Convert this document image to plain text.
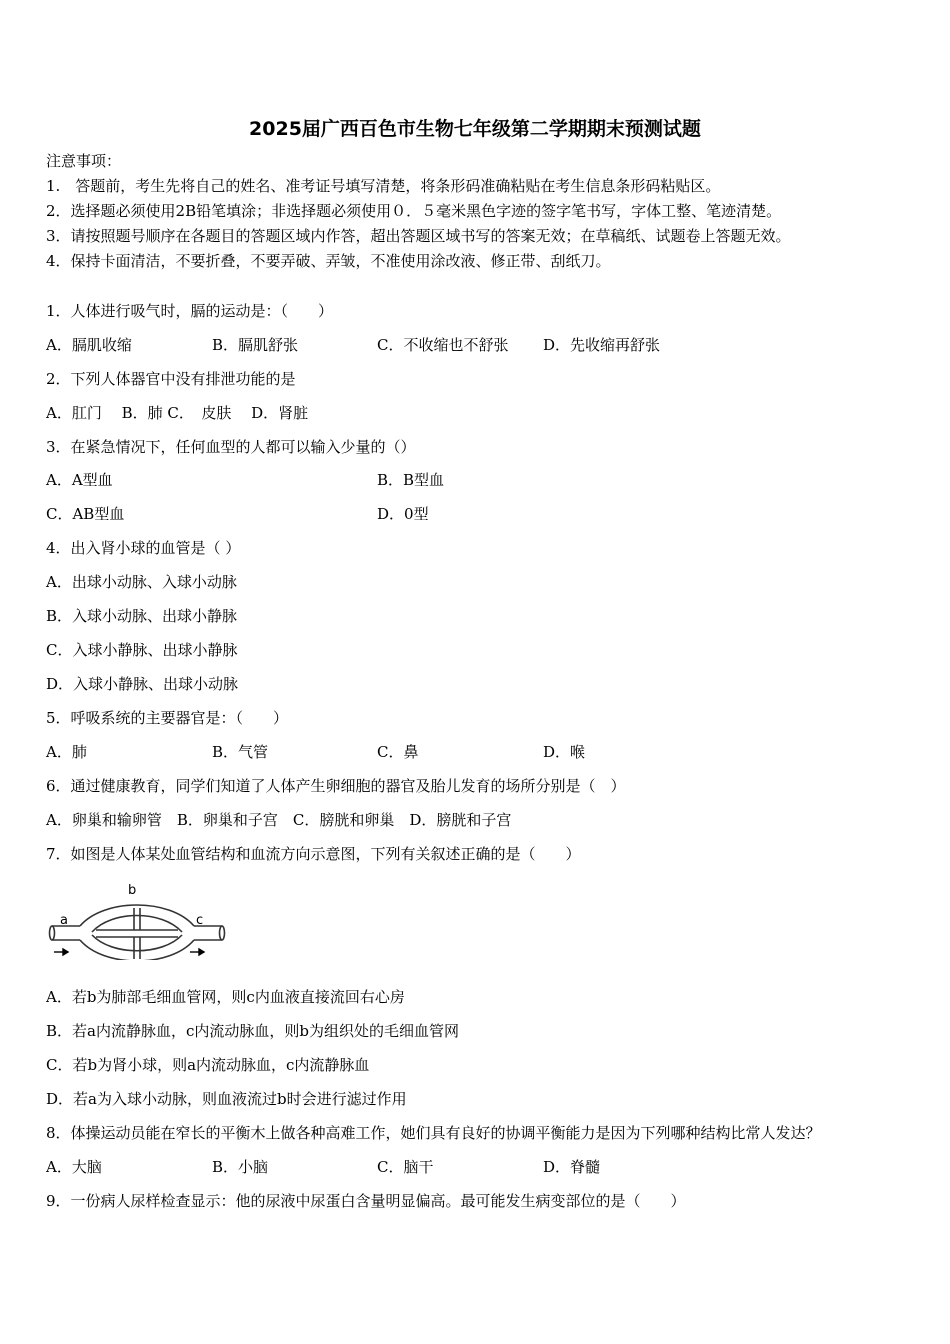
2025届广西百色市生物七年级第二学期期末预测试题
注意事项：
1.　答题前，考生先将自己的姓名、准考证号填写清楚，将条形码准确粘贴在考生信息条形码粘贴区。
2．选择题必须使用2B铅笔填涂；非选择题必须使用０．５毫米黑色字迹的签字笔书写，字体工整、笔迹清楚。
3．请按照题号顺序在各题目的答题区域内作答，超出答题区域书写的答案无效；在草稿纸、试题卷上答题无效。
4．保持卡面清洁，不要折叠，不要弄破、弄皱，不准使用涂改液、修正带、刮纸刀。
1．人体进行吸气时，膈的运动是：（　　）
A．膈肌收缩	B．膈肌舒张	C．不收缩也不舒张 D．先收缩再舒张
2．下列人体器官中没有排泄功能的是
A．肛门　 B．肺 C．　皮肤　 D．肾脏
3．在紧急情况下，任何血型的人都可以输入少量的（）
A．A型血	B．B型血
C．AB型血	D．0型
4．出入肾小球的血管是（ ）
A．出球小动脉、入球小动脉
B．入球小动脉、出球小静脉
C．入球小静脉、出球小静脉
D．入球小静脉、出球小动脉
5．呼吸系统的主要器官是：（　　）
A．肺	B．气管	C．鼻	D．喉
6．通过健康教育，同学们知道了人体产生卵细胞的器官及胎儿发育的场所分别是（　）
A．卵巢和输卵管　B．卵巢和子宫　C．膀胱和卵巢　D．膀胱和子宫
7．如图是人体某处血管结构和血流方向示意图，下列有关叙述正确的是（　　）
a
b
c
A．若b为肺部毛细血管网，则c内血液直接流回右心房
B．若a内流静脉血，c内流动脉血，则b为组织处的毛细血管网
C．若b为肾小球，则a内流动脉血，c内流静脉血
D．若a为入球小动脉，则血液流过b时会进行滤过作用
8．体操运动员能在窄长的平衡木上做各种高难工作，她们具有良好的协调平衡能力是因为下列哪种结构比常人发达？
A．大脑	B．小脑	C．脑干	D．脊髓
9．一份病人尿样检查显示：他的尿液中尿蛋白含量明显偏高。最可能发生病变部位的是（　　）
